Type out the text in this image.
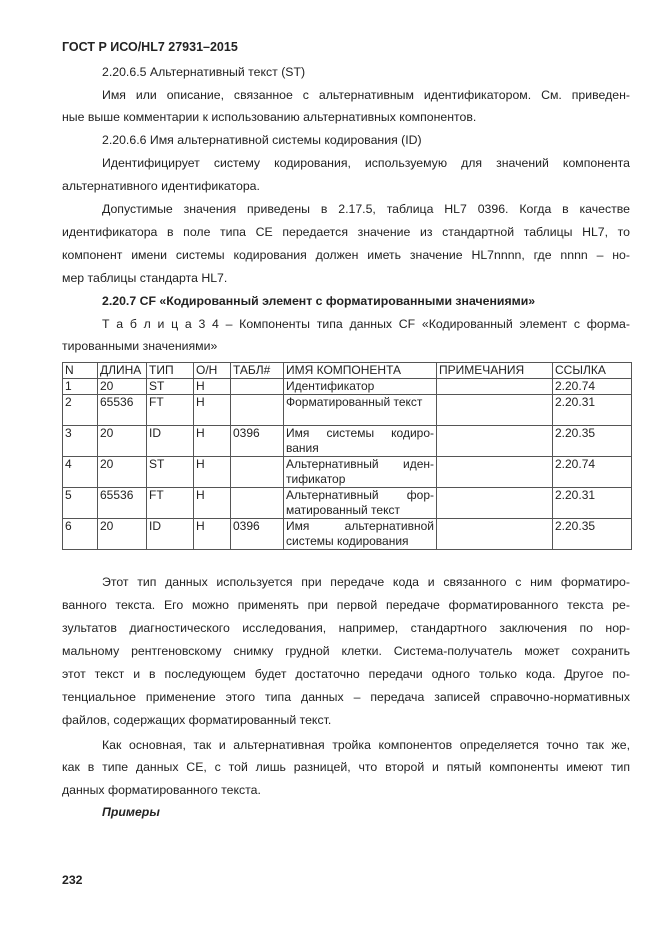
ГОСТ Р ИСО/HL7 27931–2015
2.20.6.5 Альтернативный текст (ST)
Имя или описание, связанное с альтернативным идентификатором. См. приведен-
ные выше комментарии к использованию альтернативных компонентов.
2.20.6.6 Имя альтернативной системы кодирования (ID)
Идентифицирует систему кодирования, используемую для значений компонента
альтернативного идентификатора.
Допустимые значения приведены в 2.17.5, таблица HL7 0396. Когда в качестве
идентификатора в поле типа CE передается значение из стандартной таблицы HL7, то
компонент имени системы кодирования должен иметь значение HL7nnnn, где nnnn – но-
мер таблицы стандарта HL7.
2.20.7 CF «Кодированный элемент с форматированными значениями»
Т а б л и ц а 3 4 – Компоненты типа данных CF «Кодированный элемент с форма-
тированными значениями»
N	ДЛИНА	ТИП	О/Н	ТАБЛ#	ИМЯ КОМПОНЕНТА	ПРИМЕЧАНИЯ	ССЫЛКА
1	20	ST	Н		Идентификатор		2.20.74
2	65536	FT	Н		Форматированный текст		2.20.31
3	20	ID	Н	0396	Имя системы кодиро-вания		2.20.35
4	20	ST	Н		Альтернативный иден-тификатор		2.20.74
5	65536	FT	Н		Альтернативный фор-матированный текст		2.20.31
6	20	ID	Н	0396	Имя альтернативной системы кодирования		2.20.35
Этот тип данных используется при передаче кода и связанного с ним форматиро-
ванного текста. Его можно применять при первой передаче форматированного текста ре-
зультатов диагностического исследования, например, стандартного заключения по нор-
мальному рентгеновскому снимку грудной клетки. Система-получатель может сохранить
этот текст и в последующем будет достаточно передачи одного только кода. Другое по-
тенциальное применение этого типа данных – передача записей справочно-нормативных
файлов, содержащих форматированный текст.
Как основная, так и альтернативная тройка компонентов определяется точно так же,
как в типе данных CE, с той лишь разницей, что второй и пятый компоненты имеют тип
данных форматированного текста.
Примеры
232
